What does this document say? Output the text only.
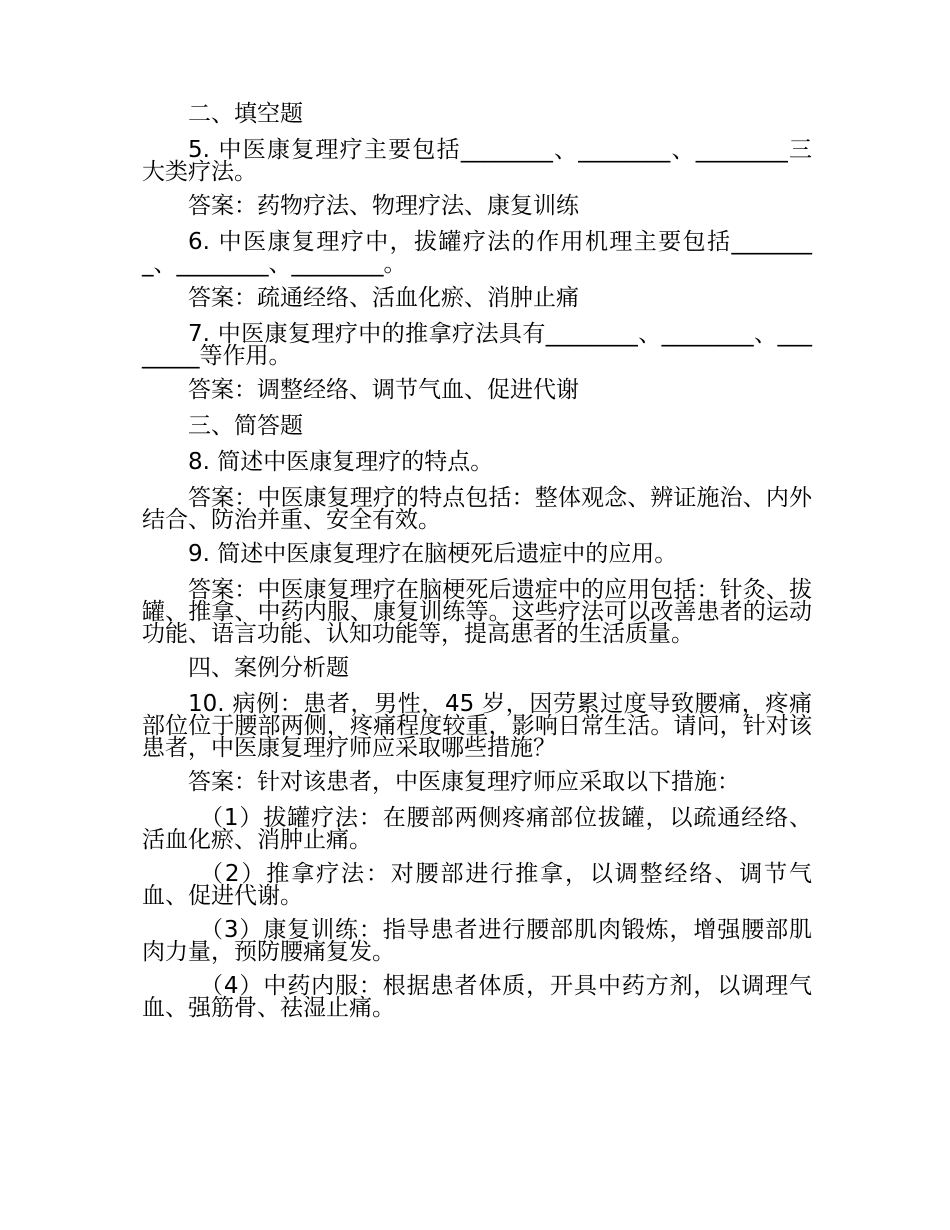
二、填空题

5. 中医康复理疗主要包括________、________、________三大类疗法。

答案：药物疗法、物理疗法、康复训练

6. 中医康复理疗中，拔罐疗法的作用机理主要包括________、________、________。

答案：疏通经络、活血化瘀、消肿止痛

7. 中医康复理疗中的推拿疗法具有________、________、________等作用。

答案：调整经络、调节气血、促进代谢

三、简答题

8. 简述中医康复理疗的特点。

答案：中医康复理疗的特点包括：整体观念、辨证施治、内外结合、防治并重、安全有效。

9. 简述中医康复理疗在脑梗死后遗症中的应用。

答案：中医康复理疗在脑梗死后遗症中的应用包括：针灸、拔罐、推拿、中药内服、康复训练等。这些疗法可以改善患者的运动功能、语言功能、认知功能等，提高患者的生活质量。

四、案例分析题

10. 病例：患者，男性，45 岁，因劳累过度导致腰痛，疼痛部位位于腰部两侧，疼痛程度较重，影响日常生活。请问，针对该患者，中医康复理疗师应采取哪些措施？

答案：针对该患者，中医康复理疗师应采取以下措施：

（1）拔罐疗法：在腰部两侧疼痛部位拔罐，以疏通经络、活血化瘀、消肿止痛。

（2）推拿疗法：对腰部进行推拿，以调整经络、调节气血、促进代谢。

（3）康复训练：指导患者进行腰部肌肉锻炼，增强腰部肌肉力量，预防腰痛复发。

（4）中药内服：根据患者体质，开具中药方剂，以调理气血、强筋骨、祛湿止痛。
